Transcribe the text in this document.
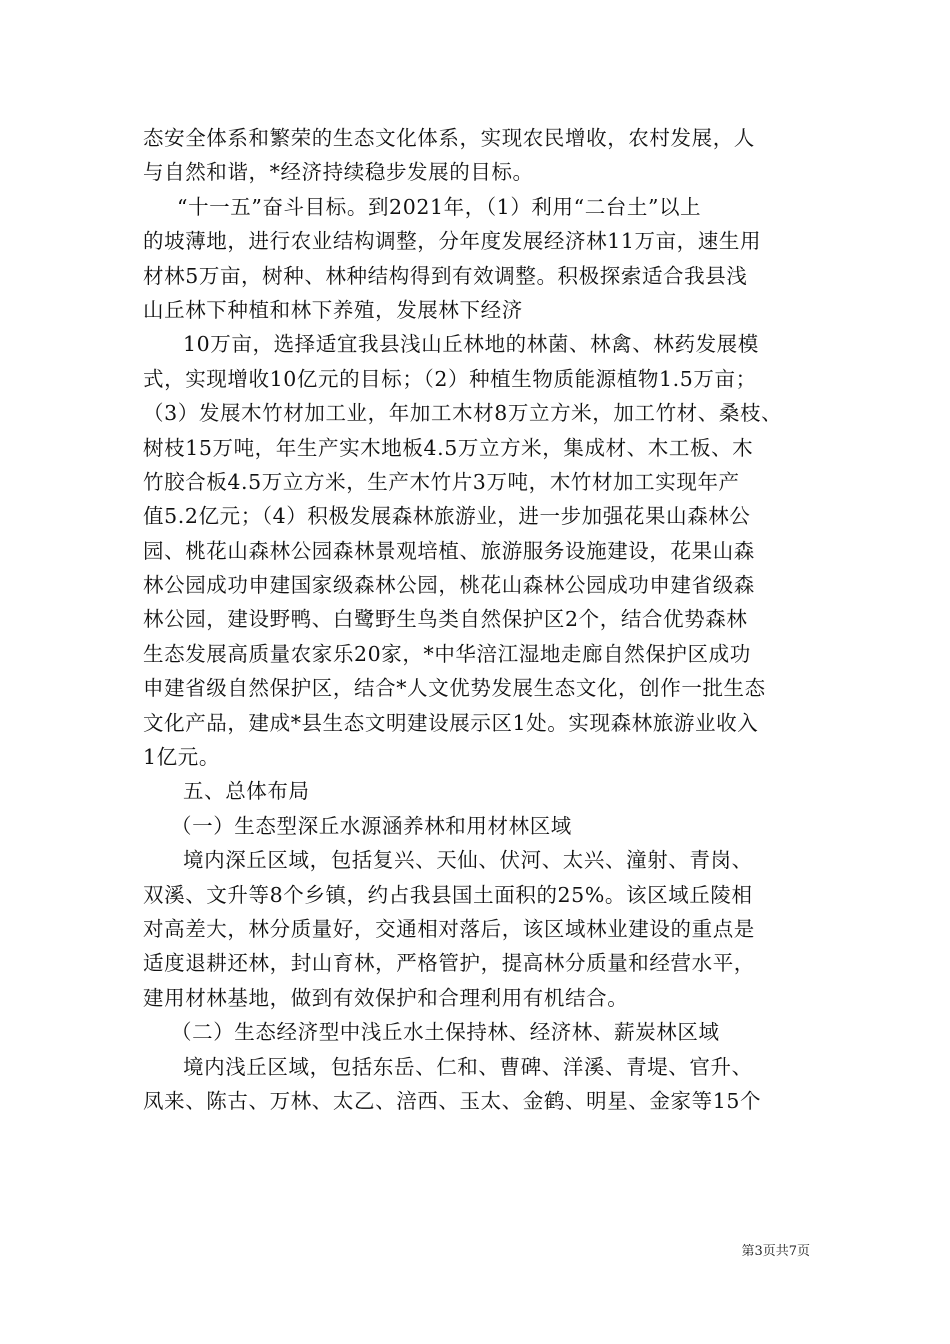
态安全体系和繁荣的生态文化体系，实现农民增收，农村发展，人
与自然和谐，*经济持续稳步发展的目标。
“十一五”奋斗目标。到2021年，（1）利用“二台土”以上
的坡薄地，进行农业结构调整，分年度发展经济林11万亩，速生用
材林5万亩，树种、林种结构得到有效调整。积极探索适合我县浅
山丘林下种植和林下养殖，发展林下经济
10万亩，选择适宜我县浅山丘林地的林菌、林禽、林药发展模
式，实现增收10亿元的目标；（2）种植生物质能源植物1.5万亩；
（3）发展木竹材加工业，年加工木材8万立方米，加工竹材、桑枝、
树枝15万吨，年生产实木地板4.5万立方米，集成材、木工板、木
竹胶合板4.5万立方米，生产木竹片3万吨，木竹材加工实现年产
值5.2亿元；（4）积极发展森林旅游业，进一步加强花果山森林公
园、桃花山森林公园森林景观培植、旅游服务设施建设，花果山森
林公园成功申建国家级森林公园，桃花山森林公园成功申建省级森
林公园，建设野鸭、白鹭野生鸟类自然保护区2个，结合优势森林
生态发展高质量农家乐20家，*中华涪江湿地走廊自然保护区成功
申建省级自然保护区，结合*人文优势发展生态文化，创作一批生态
文化产品，建成*县生态文明建设展示区1处。实现森林旅游业收入
1亿元。
五、总体布局
（一）生态型深丘水源涵养林和用材林区域
境内深丘区域，包括复兴、天仙、伏河、太兴、潼射、青岗、
双溪、文升等8个乡镇，约占我县国土面积的25%。该区域丘陵相
对高差大，林分质量好，交通相对落后，该区域林业建设的重点是
适度退耕还林，封山育林，严格管护，提高林分质量和经营水平，
建用材林基地，做到有效保护和合理利用有机结合。
（二）生态经济型中浅丘水土保持林、经济林、薪炭林区域
境内浅丘区域，包括东岳、仁和、曹碑、洋溪、青堤、官升、
凤来、陈古、万林、太乙、涪西、玉太、金鹤、明星、金家等15个
第3页共7页
